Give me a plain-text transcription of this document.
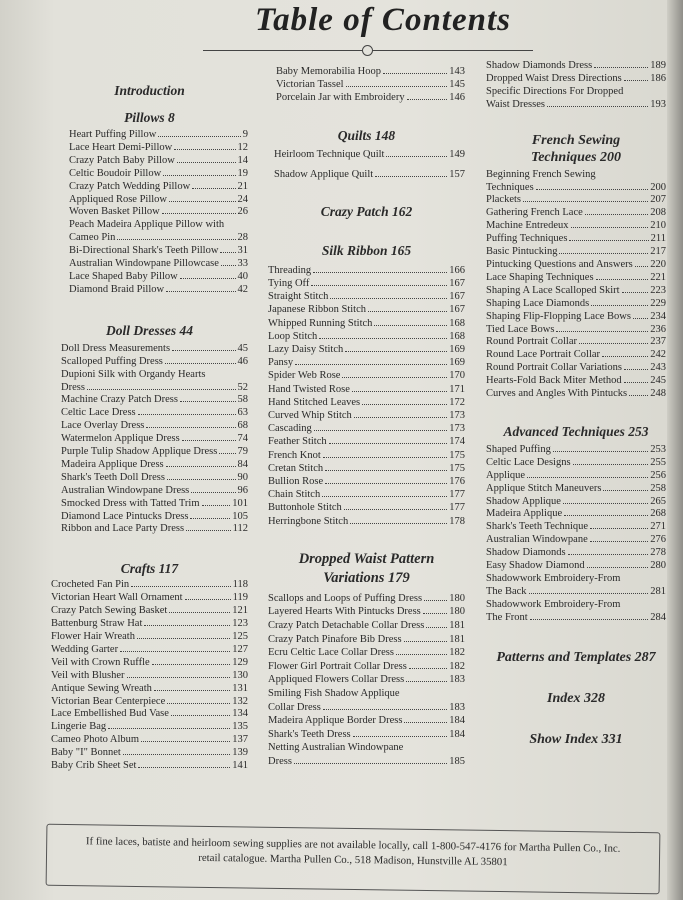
Table of Contents
Introduction
Pillows 8
Heart Puffing Pillow	9
Lace Heart Demi-Pillow	12
Crazy Patch Baby Pillow	14
Celtic Boudoir Pillow	19
Crazy Patch Wedding Pillow	21
Appliqued Rose Pillow	24
Woven Basket Pillow	26
Peach Madeira Applique Pillow with
Cameo Pin	28
Bi-Directional Shark's Teeth Pillow 31
Australian Windowpane Pillowcase 33
Lace Shaped Baby Pillow	40
Diamond Braid Pillow	42
Doll Dresses 44
Doll Dress Measurements	45
Scalloped Puffing Dress	46
Dupioni Silk with Organdy Hearts
Dress	52
Machine Crazy Patch Dress	58
Celtic Lace Dress	63
Lace Overlay Dress	68
Watermelon Applique Dress	74
Purple Tulip Shadow Applique Dress 79
Madeira Applique Dress	84
Shark's Teeth Doll Dress	90
Australian Windowpane Dress	96
Smocked Dress with Tatted Trim	101
Diamond Lace Pintucks Dress	105
Ribbon and Lace Party Dress	112
Crafts 117
Crocheted Fan Pin	118
Victorian Heart Wall Ornament	119
Crazy Patch Sewing Basket	121
Battenburg Straw Hat	123
Flower Hair Wreath	125
Wedding Garter	127
Veil with Crown Ruffle	129
Veil with Blusher	130
Antique Sewing Wreath	131
Victorian Bear Centerpiece	132
Lace Embellished Bud Vase	134
Lingerie Bag	135
Cameo Photo Album	137
Baby "I" Bonnet	139
Baby Crib Sheet Set	141
Baby Memorabilia Hoop	143
Victorian Tassel	145
Porcelain Jar with Embroidery	146
Quilts 148
Heirloom Technique Quilt	149
Shadow Applique Quilt	157
Crazy Patch 162
Silk Ribbon 165
Threading	166
Tying Off	167
Straight Stitch	167
Japanese Ribbon Stitch	167
Whipped Running Stitch	168
Loop Stitch	168
Lazy Daisy Stitch	169
Pansy	169
Spider Web Rose	170
Hand Twisted Rose	171
Hand Stitched Leaves	172
Curved Whip Stitch	173
Cascading	173
Feather Stitch	174
French Knot	175
Cretan Stitch	175
Bullion Rose	176
Chain Stitch	177
Buttonhole Stitch	177
Herringbone Stitch	178
Dropped Waist Pattern Variations 179
Scallops and Loops of Puffing Dress	180
Layered Hearts With Pintucks Dress	180
Crazy Patch Detachable Collar Dress 181
Crazy Patch Pinafore Bib Dress	181
Ecru Celtic Lace Collar Dress	182
Flower Girl Portrait Collar Dress	182
Appliqued Flowers Collar Dress	183
Smiling Fish Shadow Applique
Collar Dress	183
Madeira Applique Border Dress	184
Shark's Teeth Dress	184
Netting Australian Windowpane
Dress	185
Shadow Diamonds Dress	189
Dropped Waist Dress Directions	186
Specific Directions For Dropped
Waist Dresses	193
French Sewing Techniques 200
Beginning French Sewing
Techniques	200
Plackets	207
Gathering French Lace	208
Machine Entredeux	210
Puffing Techniques	211
Basic Pintucking	217
Pintucking Questions and Answers 220
Lace Shaping Techniques	221
Shaping A Lace Scalloped Skirt	223
Shaping Lace Diamonds	229
Shaping Flip-Flopping Lace Bows 234
Tied Lace Bows	236
Round Portrait Collar	237
Round Lace Portrait Collar	242
Round Portrait Collar Variations	243
Hearts-Fold Back Miter Method	245
Curves and Angles With Pintucks 248
Advanced Techniques 253
Shaped Puffing	253
Celtic Lace Designs	255
Applique	256
Applique Stitch Maneuvers	258
Shadow Applique	265
Madeira Applique	268
Shark's Teeth Technique	271
Australian Windowpane	276
Shadow Diamonds	278
Easy Shadow Diamond	280
Shadowwork Embroidery-From
The Back	281
Shadowwork Embroidery-From
The Front	284
Patterns and Templates 287
Index 328
Show Index 331
If fine laces, batiste and heirloom sewing supplies are not available locally, call 1-800-547-4176 for Martha Pullen Co., Inc.
retail catalogue. Martha Pullen Co., 518 Madison, Hunstville AL 35801
